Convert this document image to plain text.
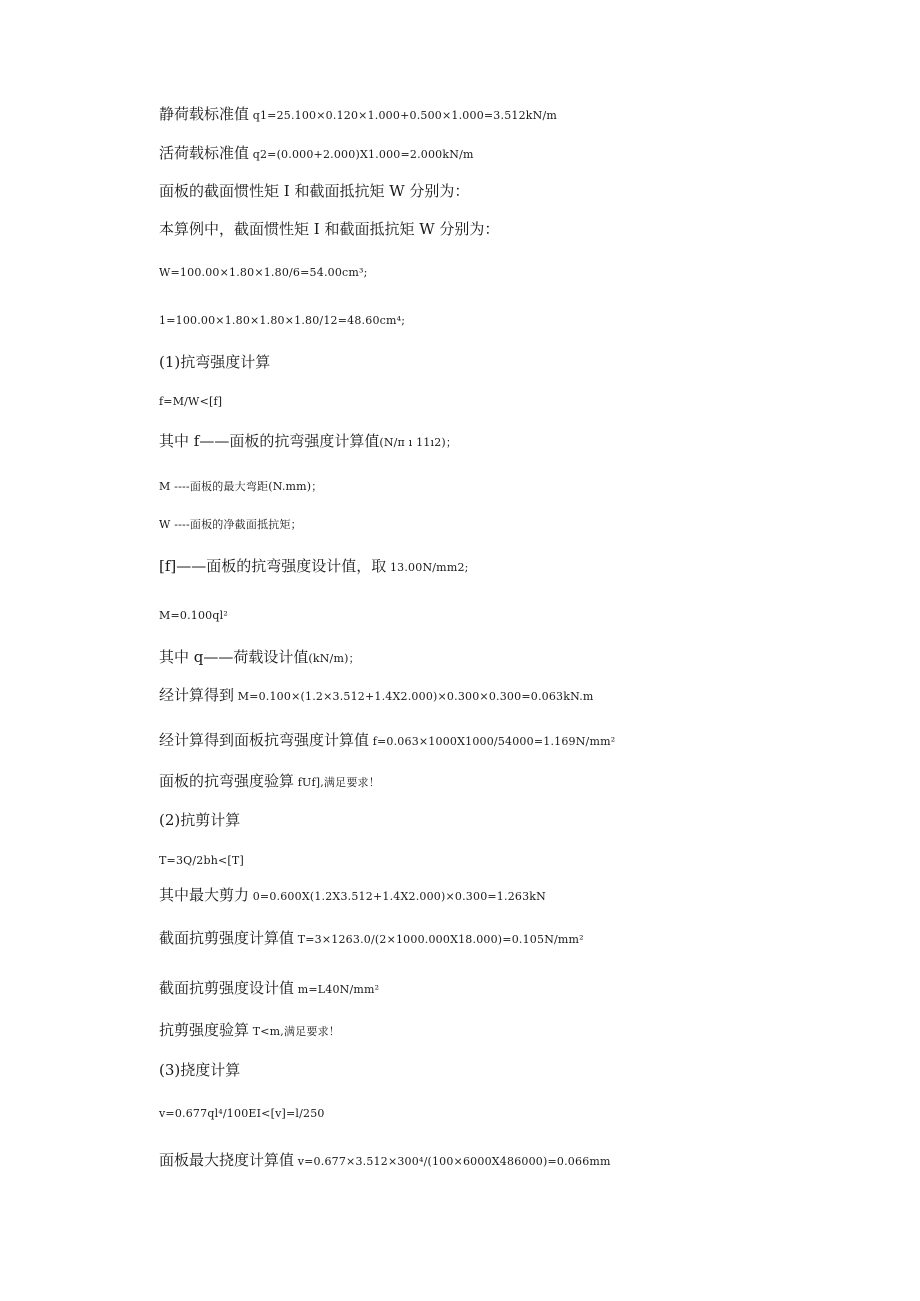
静荷载标准值 q1=25.100×0.120×1.000+0.500×1.000=3.512kN/m
活荷载标准值 q2=(0.000+2.000)X1.000=2.000kN/m
面板的截面惯性矩 I 和截面抵抗矩 W 分别为：
本算例中，截面惯性矩 I 和截面抵抗矩 W 分别为：
W=100.00×1.80×1.80/6=54.00cm³;
1=100.00×1.80×1.80×1.80/12=48.60cm⁴;
(1)抗弯强度计算
f=M/W<[f]
其中 f——面板的抗弯强度计算值(N/π ı 11ı2)；
M ----面板的最大弯距(N.mm)；
W ----面板的净截面抵抗矩；
[f]——面板的抗弯强度设计值，取 13.00N/mm2;
M=0.100ql²
其中 q——荷载设计值(kN/m)；
经计算得到 M=0.100×(1.2×3.512+1.4X2.000)×0.300×0.300=0.063kN.m
经计算得到面板抗弯强度计算值 f=0.063×1000X1000/54000=1.169N/mm²
面板的抗弯强度验算 fUf],满足要求！
(2)抗剪计算
T=3Q/2bh<[T]
其中最大剪力 0=0.600X(1.2X3.512+1.4X2.000)×0.300=1.263kN
截面抗剪强度计算值 T=3×1263.0/(2×1000.000X18.000)=0.105N/mm²
截面抗剪强度设计值 m=L40N/mm²
抗剪强度验算 T<m,满足要求！
(3)挠度计算
v=0.677ql⁴/100EI<[v]=l/250
面板最大挠度计算值 v=0.677×3.512×300⁴/(100×6000X486000)=0.066mm
